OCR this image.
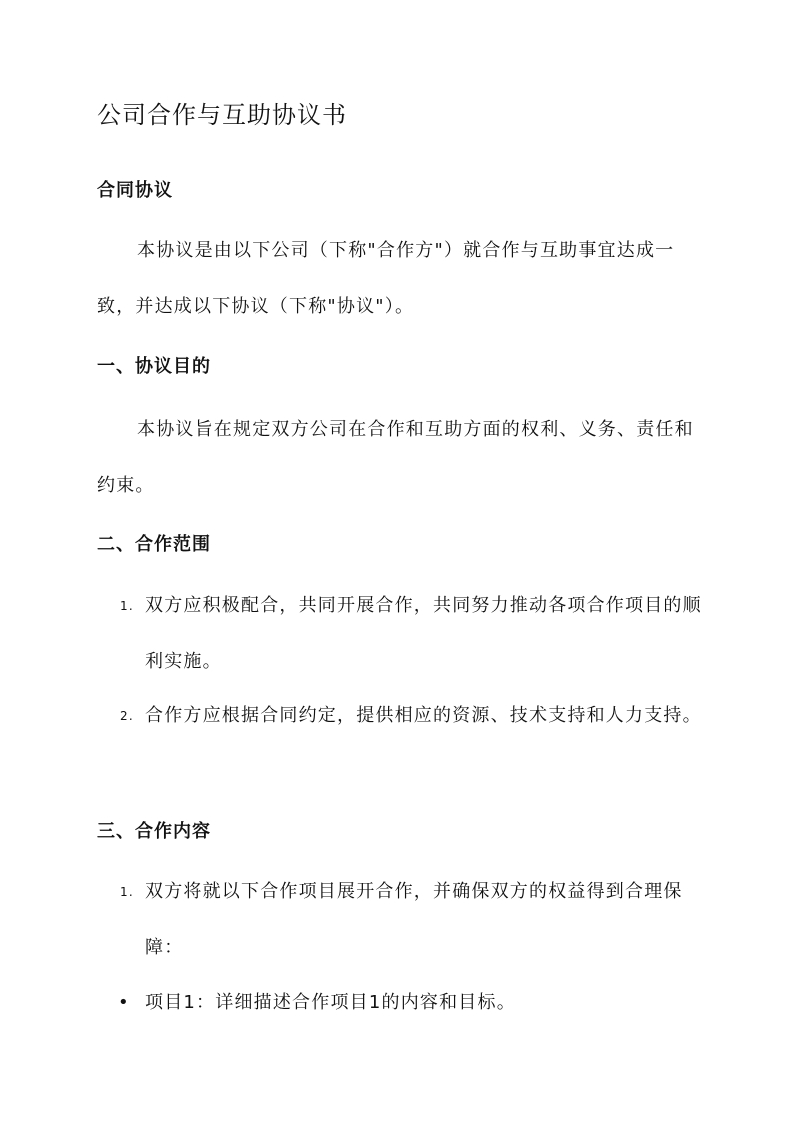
公司合作与互助协议书
合同协议

本协议是由以下公司（下称"合作方"）就合作与互助事宜达成一致，并达成以下协议（下称"协议"）。

一、协议目的

本协议旨在规定双方公司在合作和互助方面的权利、义务、责任和约束。

二、合作范围
1. 双方应积极配合，共同开展合作，共同努力推动各项合作项目的顺利实施。
2. 合作方应根据合同约定，提供相应的资源、技术支持和人力支持。
三、合作内容
1. 双方将就以下合作项目展开合作，并确保双方的权益得到合理保障：
• 项目1：详细描述合作项目1的内容和目标。
